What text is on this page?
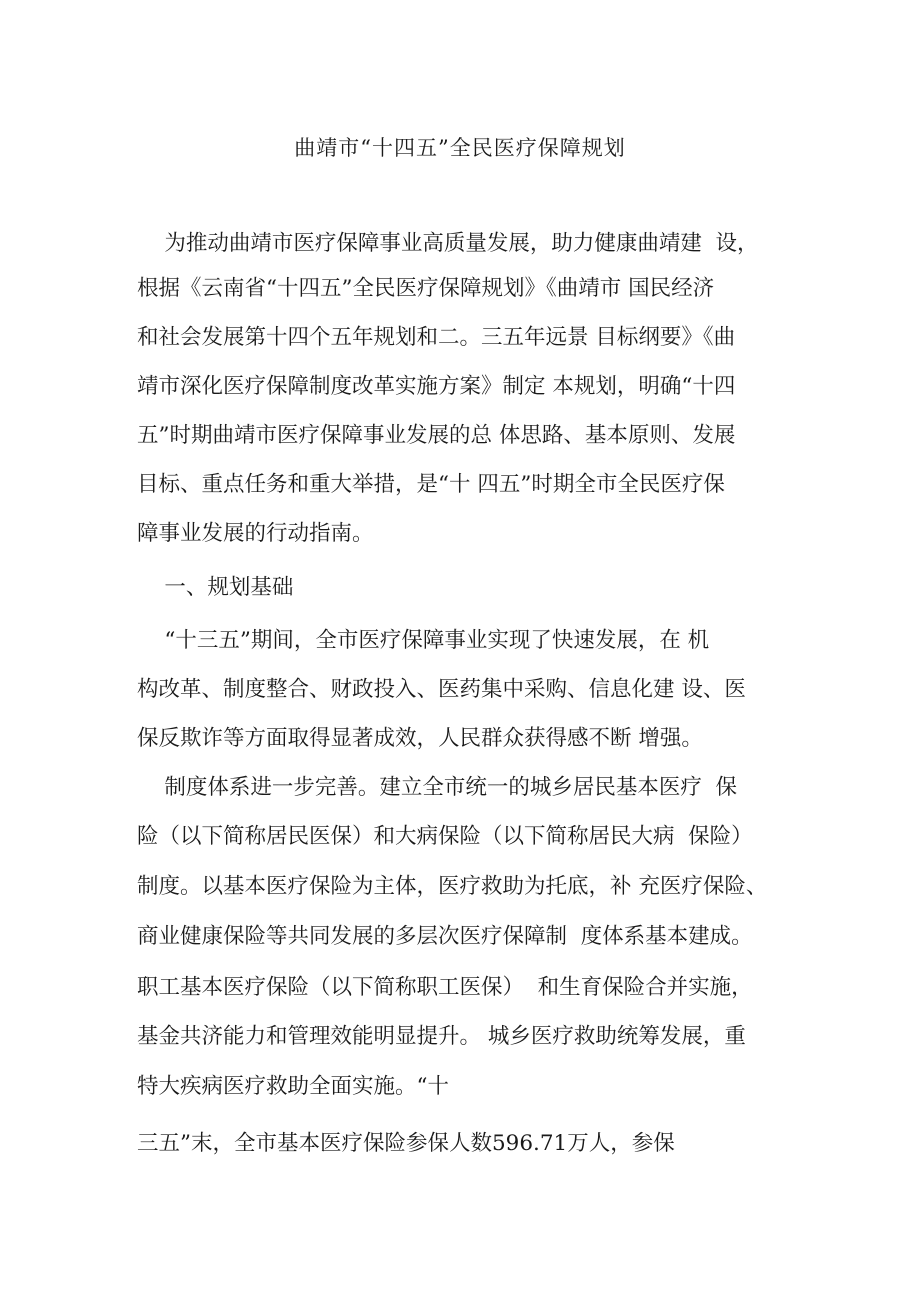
曲靖市“十四五”全民医疗保障规划
为推动曲靖市医疗保障事业高质量发展，助力健康曲靖建  设，
根据《云南省“十四五”全民医疗保障规划》《曲靖市 国民经济
和社会发展第十四个五年规划和二。三五年远景 目标纲要》《曲
靖市深化医疗保障制度改革实施方案》制定 本规划，明确“十四
五”时期曲靖市医疗保障事业发展的总 体思路、基本原则、发展
目标、重点任务和重大举措，是“十 四五”时期全市全民医疗保
障事业发展的行动指南。
一、规划基础
“十三五”期间，全市医疗保障事业实现了快速发展，在 机
构改革、制度整合、财政投入、医药集中采购、信息化建 设、医
保反欺诈等方面取得显著成效，人民群众获得感不断 增强。
制度体系进一步完善。建立全市统一的城乡居民基本医疗  保
险（以下简称居民医保）和大病保险（以下简称居民大病  保险）
制度。以基本医疗保险为主体，医疗救助为托底，补 充医疗保险、
商业健康保险等共同发展的多层次医疗保障制  度体系基本建成。
职工基本医疗保险（以下简称职工医保）  和生育保险合并实施，
基金共济能力和管理效能明显提升。 城乡医疗救助统筹发展，重
特大疾病医疗救助全面实施。“十
三五”末，全市基本医疗保险参保人数596.71万人，参保
